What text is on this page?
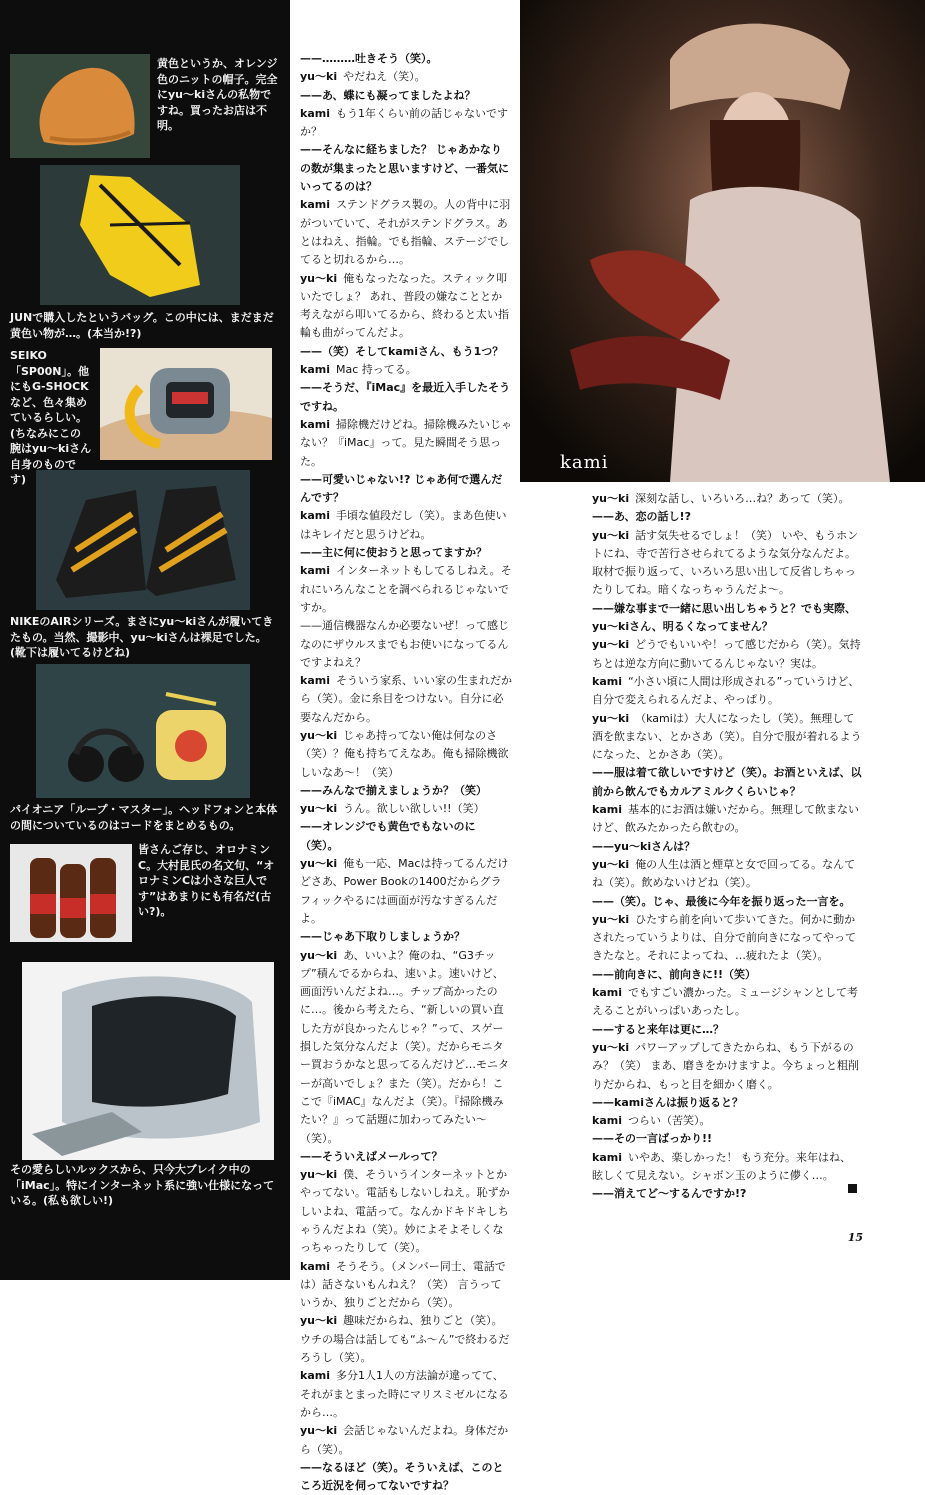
黄色というか、オレンジ色のニットの帽子。完全にyu〜kiさんの私物ですね。買ったお店は不明。
JUNで購入したというバッグ。この中には、まだまだ黄色い物が…。(本当か!?)
SEIKO「SP00N」。他にもG-SHOCKなど、色々集めているらしい。(ちなみにこの腕はyu〜kiさん自身のものです)
NIKEのAIRシリーズ。まさにyu〜kiさんが履いてきたもの。当然、撮影中、yu〜kiさんは裸足でした。(靴下は履いてるけどね)
パイオニア「ループ・マスター」。ヘッドフォンと本体の間についているのはコードをまとめるもの。
皆さんご存じ、オロナミンC。大村昆氏の名文句、“オロナミンCは小さな巨人です”はあまりにも有名だ(古い?)。
その愛らしいルックスから、只今大ブレイク中の「iMac」。特にインターネット系に強い仕様になっている。(私も欲しい!)
kami

——………吐きそう（笑）。

yu〜ki やだねえ（笑）。

——あ、蝶にも凝ってましたよね？

kami もう1年くらい前の話じゃないですか？

——そんなに経ちました？ じゃあかなりの数が集まったと思いますけど、一番気にいってるのは？

kami ステンドグラス製の。人の背中に羽がついていて、それがステンドグラス。あとはねえ、指輪。でも指輪、ステージでしてると切れるから…。

yu〜ki 俺もなったなった。スティック叩いたでしょ？ あれ、普段の嫌なこととか考えながら叩いてるから、終わると太い指輪も曲がってんだよ。

——（笑）そしてkamiさん、もう1つ？

kami Mac 持ってる。

——そうだ、『iMac』を最近入手したそうですね。

kami 掃除機だけどね。掃除機みたいじゃない？『iMac』って。見た瞬間そう思った。

——可愛いじゃない!? じゃあ何で選んだんです？

kami 手頃な値段だし（笑）。まあ色使いはキレイだと思うけどね。

——主に何に使おうと思ってますか？

kami インターネットもしてるしねえ。それにいろんなことを調べられるじゃないですか。

——通信機器なんか必要ないぜ！って感じなのにザウルスまでもお使いになってるんですよねえ？

kami そういう家系、いい家の生まれだから（笑）。金に糸目をつけない。自分に必要なんだから。

yu〜ki じゃあ持ってない俺は何なのさ（笑）？俺も持ちてえなあ。俺も掃除機欲しいなあ〜！（笑）

——みんなで揃えましょうか？（笑）

yu〜ki うん。欲しい欲しい!!（笑）

——オレンジでも黄色でもないのに（笑）。

yu〜ki 俺も一応、Macは持ってるんだけどさあ、Power Bookの1400だからグラフィックやるには画面が汚なすぎるんだよ。

——じゃあ下取りしましょうか？

yu〜ki あ、いいよ？俺のね、“G3チップ”積んでるからね、速いよ。速いけど、画面汚いんだよね…。チップ高かったのに…。後から考えたら、“新しいの買い直した方が良かったんじゃ？”って、スゲー損した気分なんだよ（笑）。だからモニター買おうかなと思ってるんだけど…モニターが高いでしょ？また（笑）。だから！ここで『iMAC』なんだよ（笑）。『掃除機みたい？』って話題に加わってみたい〜（笑）。

——そういえばメールって？

yu〜ki 僕、そういうインターネットとかやってない。電話もしないしねえ。恥ずかしいよね、電話って。なんかドキドキしちゃうんだよね（笑）。妙によそよそしくなっちゃったりして（笑）。

kami そうそう。（メンバー同士、電話では）話さないもんねえ？（笑） 言うっていうか、独りごとだから（笑）。

yu〜ki 趣味だからね、独りごと（笑）。ウチの場合は話しても“ふ〜ん”で終わるだろうし（笑）。

kami 多分1人1人の方法論が違ってて、それがまとまった時にマリスミゼルになるから…。

yu〜ki 会話じゃないんだよね。身体だから（笑）。

——なるほど（笑）。そういえば、このところ近況を伺ってないですね？

yu〜ki 深刻な話し、いろいろ…ね？あって（笑）。

——あ、恋の話し!?

yu〜ki 話す気失せるでしょ！（笑） いや、もうホントにね、寺で苦行させられてるような気分なんだよ。取材で振り返って、いろいろ思い出して反省しちゃったりしてね。暗くなっちゃうんだよ〜。

——嫌な事まで一緒に思い出しちゃうと？でも実際、yu〜kiさん、明るくなってません？

yu〜ki どうでもいいや！って感じだから（笑）。気持ちとは逆な方向に動いてるんじゃない？実は。

kami “小さい頃に人間は形成される”っていうけど、自分で変えられるんだよ、やっぱり。

yu〜ki （kamiは）大人になったし（笑）。無理して酒を飲まない、とかさあ（笑）。自分で服が着れるようになった、とかさあ（笑）。

——服は着て欲しいですけど（笑）。お酒といえば、以前から飲んでもカルアミルクくらいじゃ？

kami 基本的にお酒は嫌いだから。無理して飲まないけど、飲みたかったら飲むの。

——yu〜kiさんは？

yu〜ki 俺の人生は酒と煙草と女で回ってる。なんてね（笑）。飲めないけどね（笑）。

——（笑）。じゃ、最後に今年を振り返った一言を。

yu〜ki ひたすら前を向いて歩いてきた。何かに動かされたっていうよりは、自分で前向きになってやってきたなと。それによってね、…疲れたよ（笑）。

——前向きに、前向きに!!（笑）

kami でもすごい濃かった。ミュージシャンとして考えることがいっぱいあったし。

——すると来年は更に…？

yu〜ki パワーアップしてきたからね、もう下がるのみ？（笑） まあ、磨きをかけますよ。今ちょっと粗削りだからね、もっと目を細かく磨く。

——kamiさんは振り返ると？

kami つらい（苦笑）。

——その一言ばっかり!!

kami いやあ、楽しかった！ もう充分。来年はね、眩しくて見えない。シャボン玉のように儚く…。

——消えてど〜するんですか!?

15
